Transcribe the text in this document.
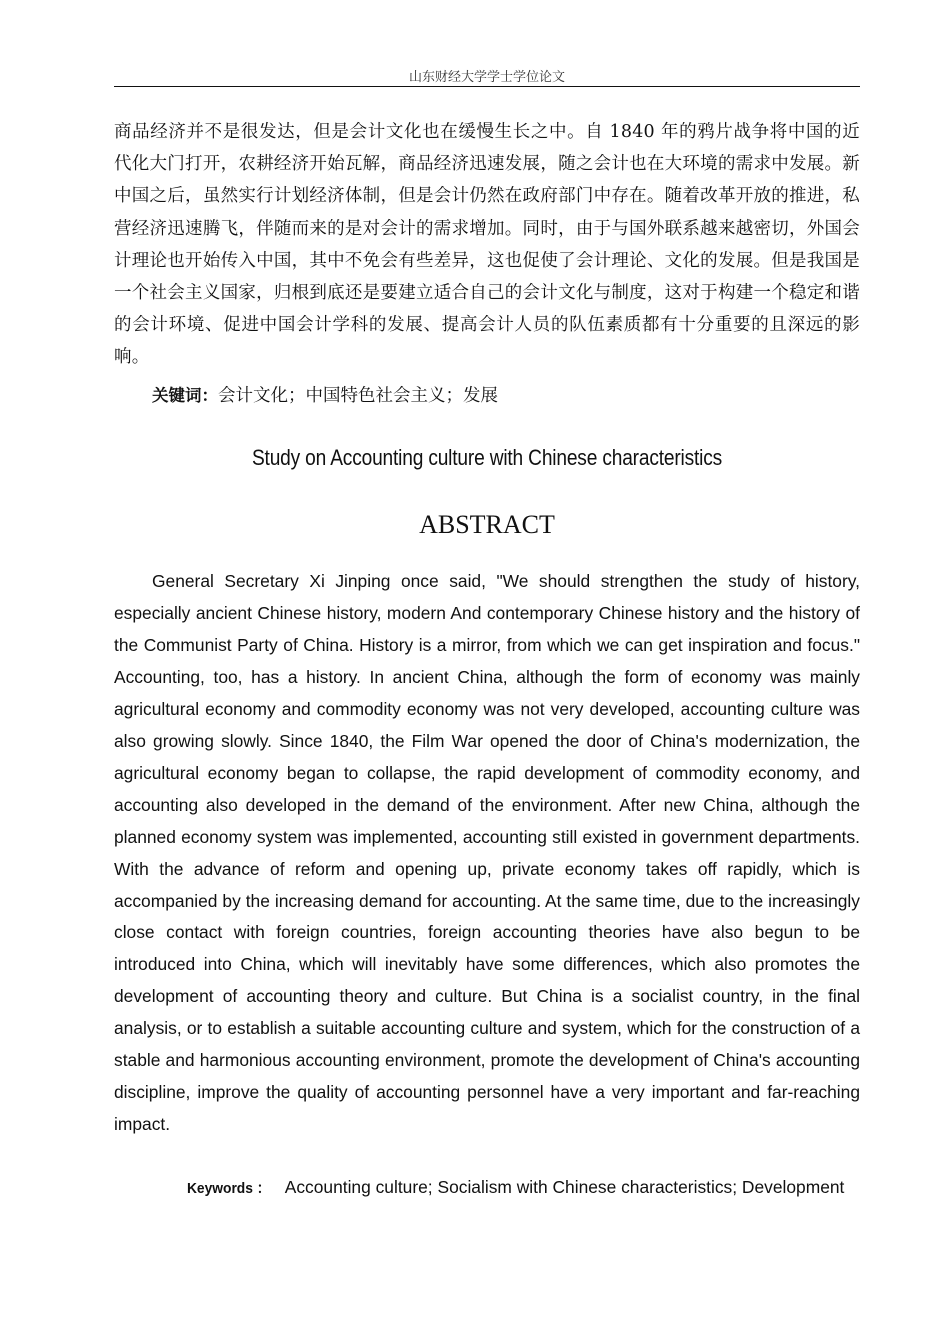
山东财经大学学士学位论文

商品经济并不是很发达，但是会计文化也在缓慢生长之中。自 1840 年的鸦片战争将中国的近代化大门打开，农耕经济开始瓦解，商品经济迅速发展，随之会计也在大环境的需求中发展。新中国之后，虽然实行计划经济体制，但是会计仍然在政府部门中存在。随着改革开放的推进，私营经济迅速腾飞，伴随而来的是对会计的需求增加。同时，由于与国外联系越来越密切，外国会计理论也开始传入中国，其中不免会有些差异，这也促使了会计理论、文化的发展。但是我国是一个社会主义国家，归根到底还是要建立适合自己的会计文化与制度，这对于构建一个稳定和谐的会计环境、促进中国会计学科的发展、提高会计人员的队伍素质都有十分重要的且深远的影响。

关键词：会计文化；中国特色社会主义；发展

Study on Accounting culture with Chinese characteristics
ABSTRACT

General Secretary Xi Jinping once said, "We should strengthen the study of history, especially ancient Chinese history, modern And contemporary Chinese history and the history of the Communist Party of China. History is a mirror, from which we can get inspiration and focus." Accounting, too, has a history. In ancient China, although the form of economy was mainly agricultural economy and commodity economy was not very developed, accounting culture was also growing slowly. Since 1840, the Film War opened the door of China's modernization, the agricultural economy began to collapse, the rapid development of commodity economy, and accounting also developed in the demand of the environment. After new China, although the planned economy system was implemented, accounting still existed in government departments. With the advance of reform and opening up, private economy takes off rapidly, which is accompanied by the increasing demand for accounting. At the same time, due to the increasingly close contact with foreign countries, foreign accounting theories have also begun to be introduced into China, which will inevitably have some differences, which also promotes the development of accounting theory and culture. But China is a socialist country, in the final analysis, or to establish a suitable accounting culture and system, which for the construction of a stable and harmonious accounting environment, promote the development of China's accounting discipline, improve the quality of accounting personnel have a very important and far-reaching impact.

Keywords ： Accounting culture; Socialism with Chinese characteristics; Development
